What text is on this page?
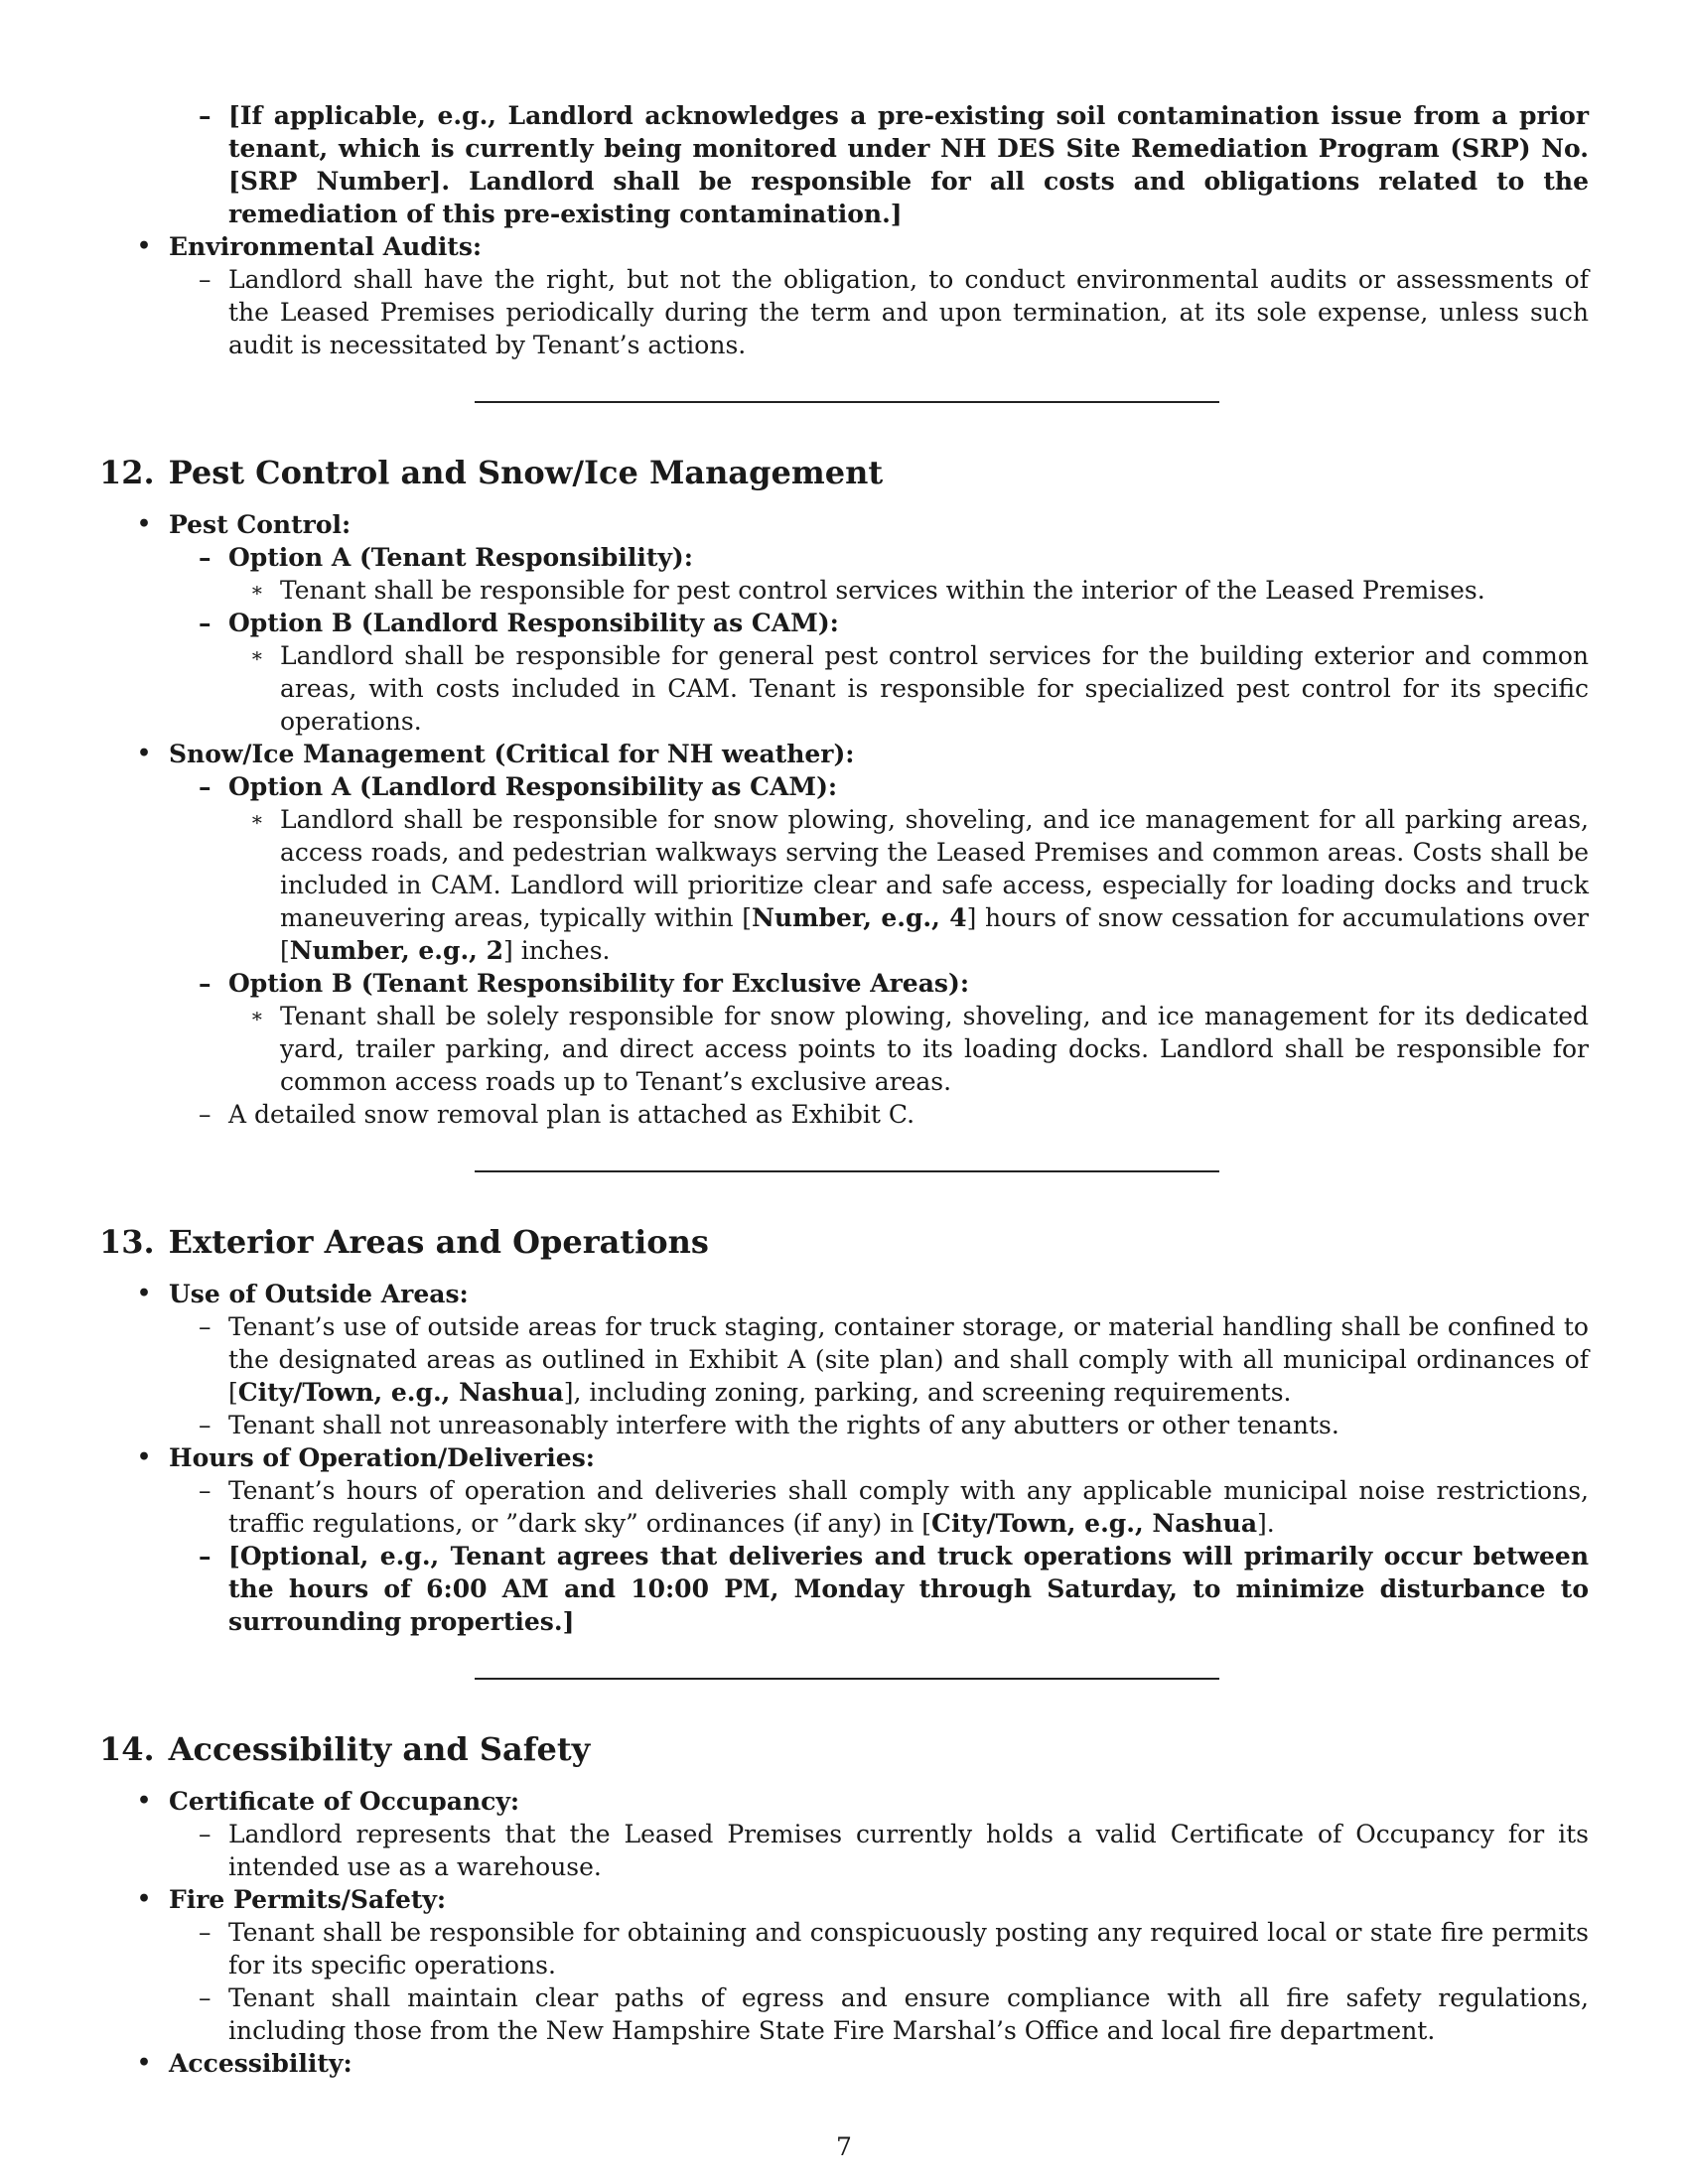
– [If applicable, e.g., Landlord acknowledges a pre-existing soil contamination issue from a prior tenant, which is currently being monitored under NH DES Site Remediation Program (SRP) No. [SRP Number]. Landlord shall be responsible for all costs and obligations related to the remediation of this pre-existing contamination.]
• Environmental Audits:
– Landlord shall have the right, but not the obligation, to conduct environmental audits or assessments of the Leased Premises periodically during the term and upon termination, at its sole expense, unless such audit is necessitated by Tenant’s actions.
12. Pest Control and Snow/Ice Management
• Pest Control:
– Option A (Tenant Responsibility):
∗ Tenant shall be responsible for pest control services within the interior of the Leased Premises.
– Option B (Landlord Responsibility as CAM):
∗ Landlord shall be responsible for general pest control services for the building exterior and common areas, with costs included in CAM. Tenant is responsible for specialized pest control for its specific operations.
• Snow/Ice Management (Critical for NH weather):
– Option A (Landlord Responsibility as CAM):
∗ Landlord shall be responsible for snow plowing, shoveling, and ice management for all parking areas, access roads, and pedestrian walkways serving the Leased Premises and common areas. Costs shall be included in CAM. Landlord will prioritize clear and safe access, especially for loading docks and truck maneuvering areas, typically within [Number, e.g., 4] hours of snow cessation for accumulations over [Number, e.g., 2] inches.
– Option B (Tenant Responsibility for Exclusive Areas):
∗ Tenant shall be solely responsible for snow plowing, shoveling, and ice management for its dedicated yard, trailer parking, and direct access points to its loading docks. Landlord shall be responsible for common access roads up to Tenant’s exclusive areas.
– A detailed snow removal plan is attached as Exhibit C.
13. Exterior Areas and Operations
• Use of Outside Areas:
– Tenant’s use of outside areas for truck staging, container storage, or material handling shall be confined to the designated areas as outlined in Exhibit A (site plan) and shall comply with all municipal ordinances of [City/Town, e.g., Nashua], including zoning, parking, and screening requirements.
– Tenant shall not unreasonably interfere with the rights of any abutters or other tenants.
• Hours of Operation/Deliveries:
– Tenant’s hours of operation and deliveries shall comply with any applicable municipal noise restrictions, traffic regulations, or ”dark sky” ordinances (if any) in [City/Town, e.g., Nashua].
– [Optional, e.g., Tenant agrees that deliveries and truck operations will primarily occur between the hours of 6:00 AM and 10:00 PM, Monday through Saturday, to minimize disturbance to surrounding properties.]
14. Accessibility and Safety
• Certificate of Occupancy:
– Landlord represents that the Leased Premises currently holds a valid Certificate of Occupancy for its intended use as a warehouse.
• Fire Permits/Safety:
– Tenant shall be responsible for obtaining and conspicuously posting any required local or state fire permits for its specific operations.
– Tenant shall maintain clear paths of egress and ensure compliance with all fire safety regulations, including those from the New Hampshire State Fire Marshal’s Office and local fire department.
• Accessibility:
7
